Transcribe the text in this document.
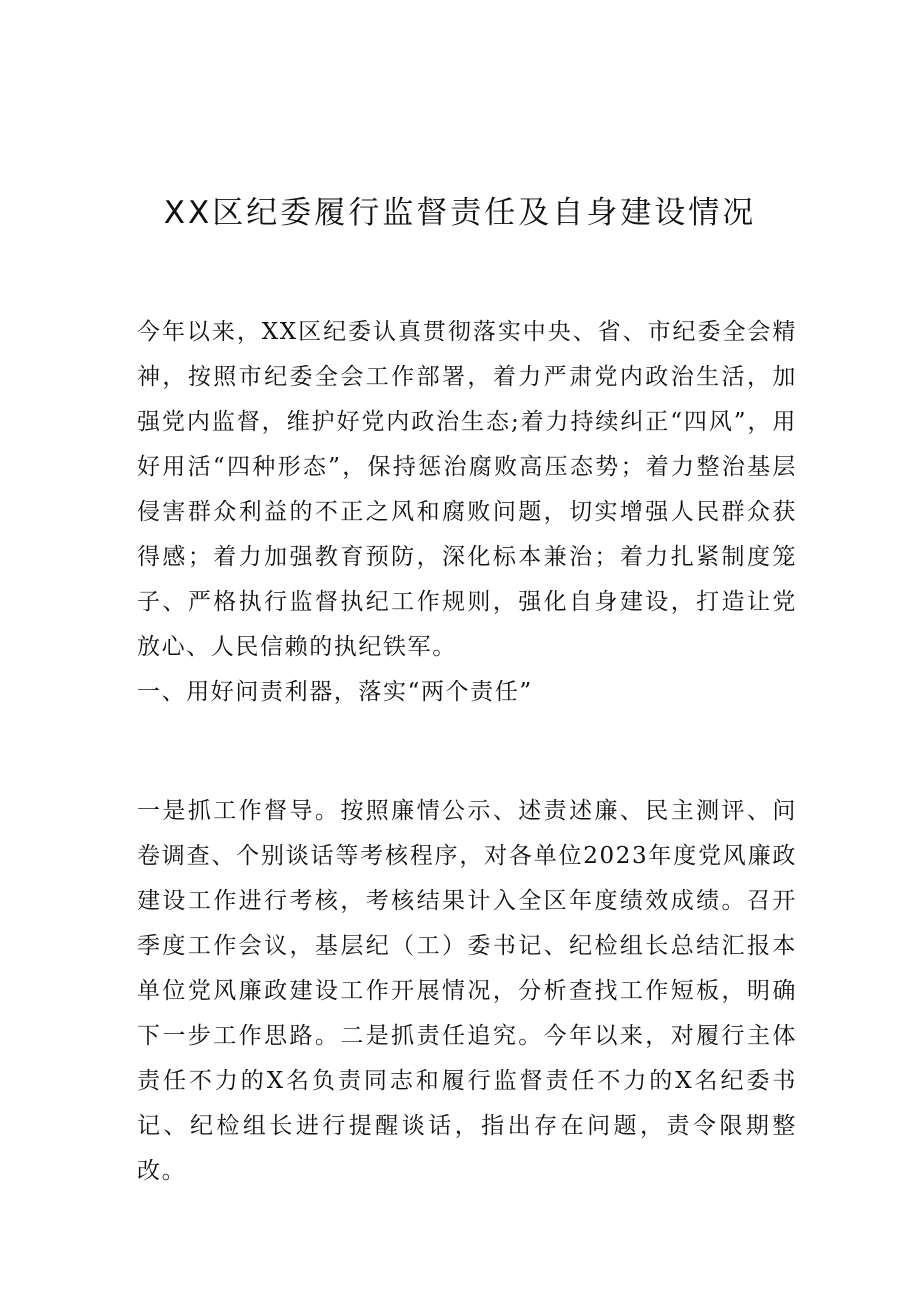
XX区纪委履行监督责任及自身建设情况

今年以来，XX区纪委认真贯彻落实中央、省、市纪委全会精神，按照市纪委全会工作部署，着力严肃党内政治生活，加强党内监督，维护好党内政治生态;着力持续纠正“四风”，用好用活“四种形态”，保持惩治腐败高压态势；着力整治基层侵害群众利益的不正之风和腐败问题，切实增强人民群众获得感；着力加强教育预防，深化标本兼治；着力扎紧制度笼子、严格执行监督执纪工作规则，强化自身建设，打造让党放心、人民信赖的执纪铁军。

一、用好问责利器，落实“两个责任”

一是抓工作督导。按照廉情公示、述责述廉、民主测评、问卷调查、个别谈话等考核程序，对各单位2023年度党风廉政建设工作进行考核，考核结果计入全区年度绩效成绩。召开季度工作会议，基层纪（工）委书记、纪检组长总结汇报本单位党风廉政建设工作开展情况，分析查找工作短板，明确下一步工作思路。二是抓责任追究。今年以来，对履行主体责任不力的X名负责同志和履行监督责任不力的X名纪委书记、纪检组长进行提醒谈话，指出存在问题，责令限期整改。
